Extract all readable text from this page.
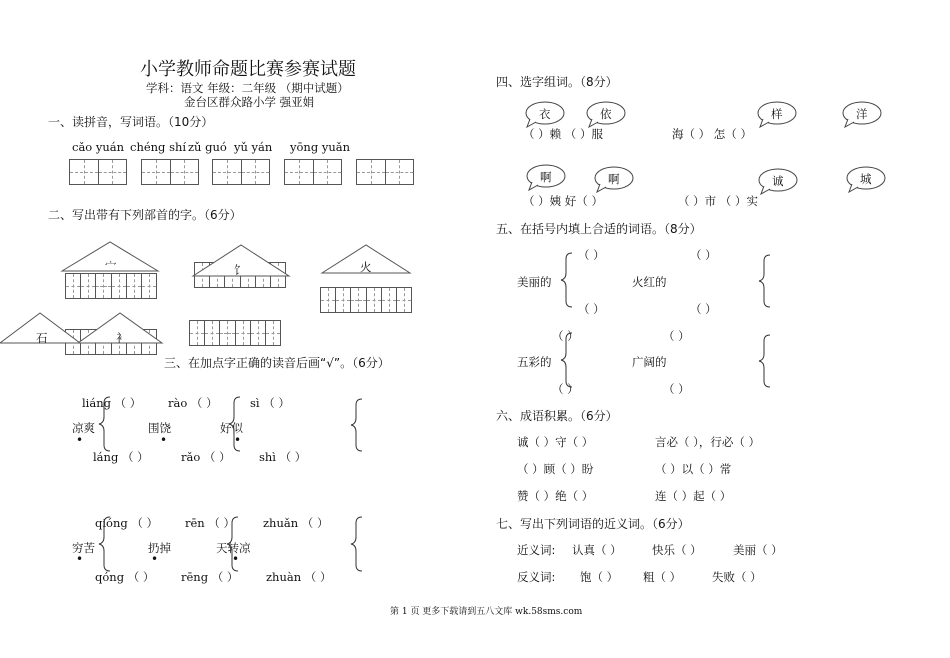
小学教师命题比赛参赛试题
学科：语文 年级：二年级 （期中试题）
金台区群众路小学 强亚娟
一、读拼音，写词语。（10分）
cǎo yuán chéng shí zǔ guó yǔ yán yōng yuǎn
二、写出带有下列部首的字。（6分）
宀	饣	火
石	衤
三、在加点字正确的读音后画“√”。（6分）
liáng （ ） rào （ ）	sì （ ）
凉爽	围饶	好似
láng （ ）	rǎo （ ） shì （ ）
•	•	•
qióng （ ） rēn （ ） zhuǎn （ ）
穷苦	扔掉	天转凉
qóng （ ） rēng （ ） zhuàn （ ）
•	•	•
四、选字组词。（8分）
衣	依	样	洋
（ ）赖 （ ）服	海（ ） 怎（ ）
啊	啊	诚	城
（ ）姨 好（ ）	（ ）市 （ ）实
五、在括号内填上合适的词语。（8分）
（ ）	（ ）
美丽的	火红的
（ ）	（ ）
（ ）	（ ）
五彩的	广阔的
（ ）	（ ）
六、成语积累。（6分）
诚（ ）守（ ）	言必（ ），行必（ ）
（ ）顾（ ）盼	（ ）以（ ）常
赞（ ）绝（ ）	连（ ）起（ ）
七、写出下列词语的近义词。（6分）
近义词: 认真（ ）	快乐（ ）	美丽（ ）
反义词: 饱（ ） 粗（ ）	失败（ ）
第 1 页 更多下载请到五八文库 wk.58sms.com
